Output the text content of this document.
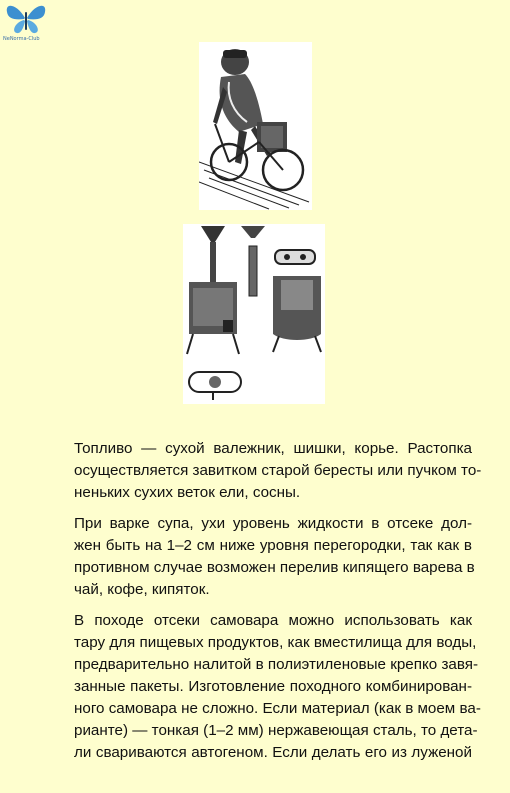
NeNorma-Club

Топливо — сухой валежник, шишки, корье. Растопка
осуществляется завитком старой бересты или пучком то-
неньких сухих веток ели, сосны.

При варке супа, ухи уровень жидкости в отсеке дол-
жен быть на 1–2 см ниже уровня перегородки, так как в
противном случае возможен перелив кипящего варева в
чай, кофе, кипяток.

В походе отсеки самовара можно использовать как
тару для пищевых продуктов, как вместилища для воды,
предварительно налитой в полиэтиленовые крепко завя-
занные пакеты. Изготовление походного комбинирован-
ного самовара не сложно. Если материал (как в моем ва-
рианте) — тонкая (1–2 мм) нержавеющая сталь, то дета-
ли свариваются автогеном. Если делать его из луженой
